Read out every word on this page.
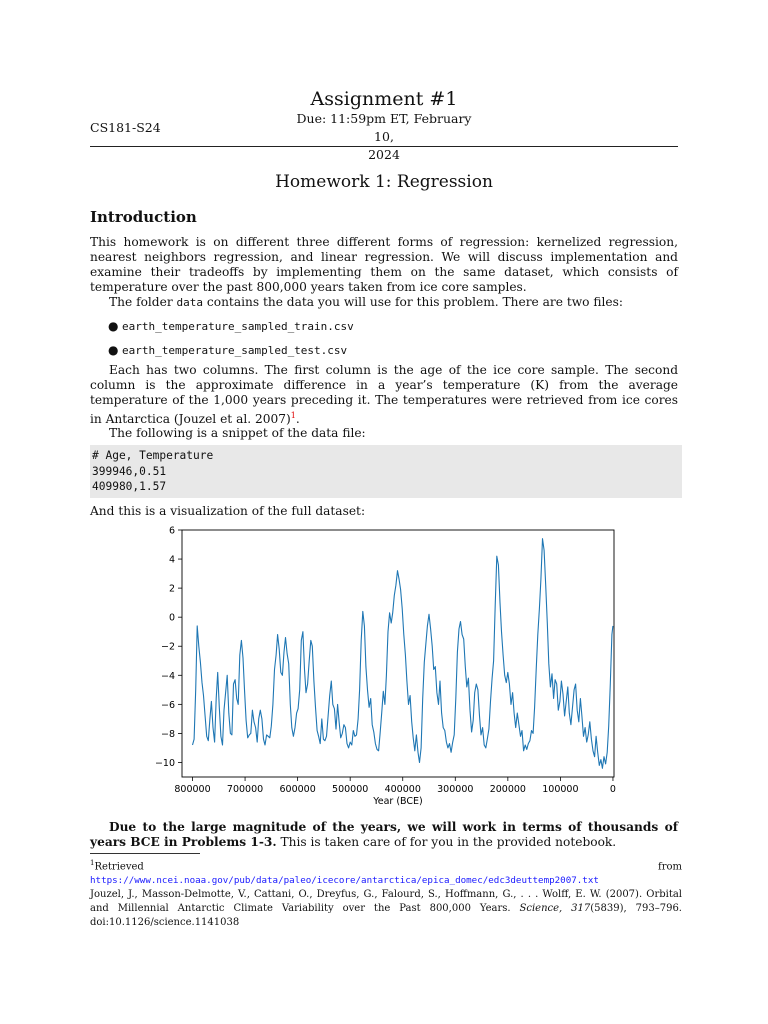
Assignment #1
CS181-S24
Due: 11:59pm ET, February 10,
2024
Homework 1: Regression
Introduction
This homework is on different three different forms of regression: kernelized regression, nearest neighbors regression, and linear regression. We will discuss implementation and examine their tradeoffs by implementing them on the same dataset, which consists of temperature over the past 800,000 years taken from ice core samples.
The folder data contains the data you will use for this problem. There are two files:
● earth_temperature_sampled_train.csv
● earth_temperature_sampled_test.csv
Each has two columns. The first column is the age of the ice core sample. The second column is the approximate difference in a year’s temperature (K) from the average temperature of the 1,000 years preceding it. The temperatures were retrieved from ice cores in Antarctica (Jouzel et al. 2007)$^1$.
The following is a snippet of the data file:
# Age, Temperature
399946,0.51
409980,1.57
And this is a visualization of the full dataset:
6
4
2
0
−2
−4
−6
−8
−10
800000 700000 600000 500000 400000 300000 200000 100000	0
Year (BCE)
Due to the large magnitude of the years, we will work in terms of thousands of years BCE in Problems 1-3. This is taken care of for you in the provided notebook.
$^1$Retrieved from https://www.ncei.noaa.gov/pub/data/paleo/icecore/antarctica/epica_domec/edc3deuttemp2007.txt
Jouzel, J., Masson-Delmotte, V., Cattani, O., Dreyfus, G., Falourd, S., Hoffmann, G., . . . Wolff, E. W. (2007). Orbital and Millennial Antarctic Climate Variability over the Past 800,000 Years. Science, 317(5839), 793–796. doi:10.1126/science.1141038
